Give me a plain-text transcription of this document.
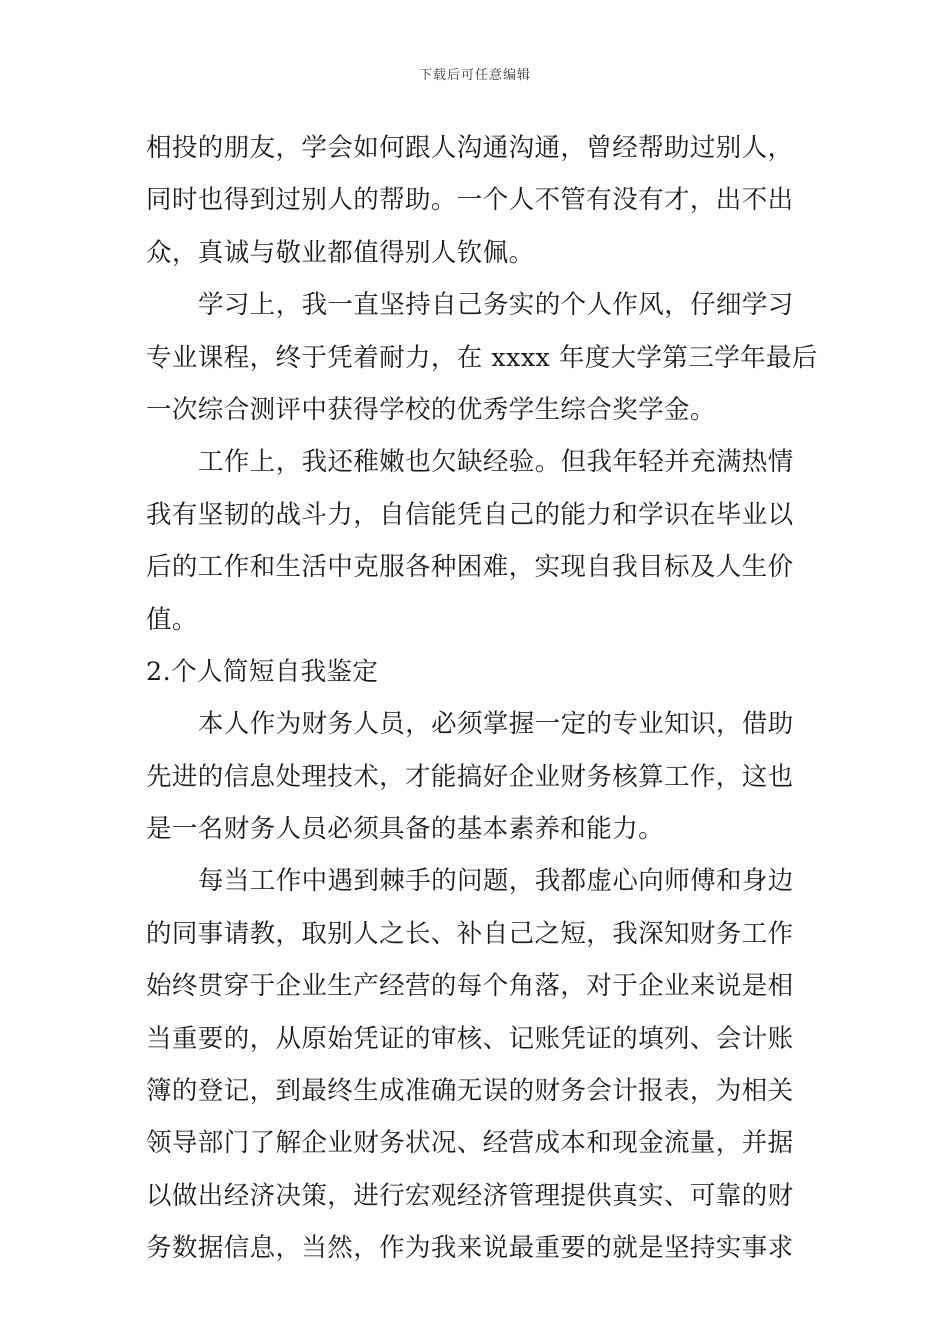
下载后可任意编辑
相投的朋友，学会如何跟人沟通沟通，曾经帮助过别人，
同时也得到过别人的帮助。一个人不管有没有才，出不出
众，真诚与敬业都值得别人钦佩。
学习上，我一直坚持自己务实的个人作风，仔细学习
专业课程，终于凭着耐力，在 xxxx 年度大学第三学年最后
一次综合测评中获得学校的优秀学生综合奖学金。
工作上，我还稚嫩也欠缺经验。但我年轻并充满热情
我有坚韧的战斗力，自信能凭自己的能力和学识在毕业以
后的工作和生活中克服各种困难，实现自我目标及人生价
值。
2.个人简短自我鉴定
本人作为财务人员，必须掌握一定的专业知识，借助
先进的信息处理技术，才能搞好企业财务核算工作，这也
是一名财务人员必须具备的基本素养和能力。
每当工作中遇到棘手的问题，我都虚心向师傅和身边
的同事请教，取别人之长、补自己之短，我深知财务工作
始终贯穿于企业生产经营的每个角落，对于企业来说是相
当重要的，从原始凭证的审核、记账凭证的填列、会计账
簿的登记，到最终生成准确无误的财务会计报表，为相关
领导部门了解企业财务状况、经营成本和现金流量，并据
以做出经济决策，进行宏观经济管理提供真实、可靠的财
务数据信息，当然，作为我来说最重要的就是坚持实事求
